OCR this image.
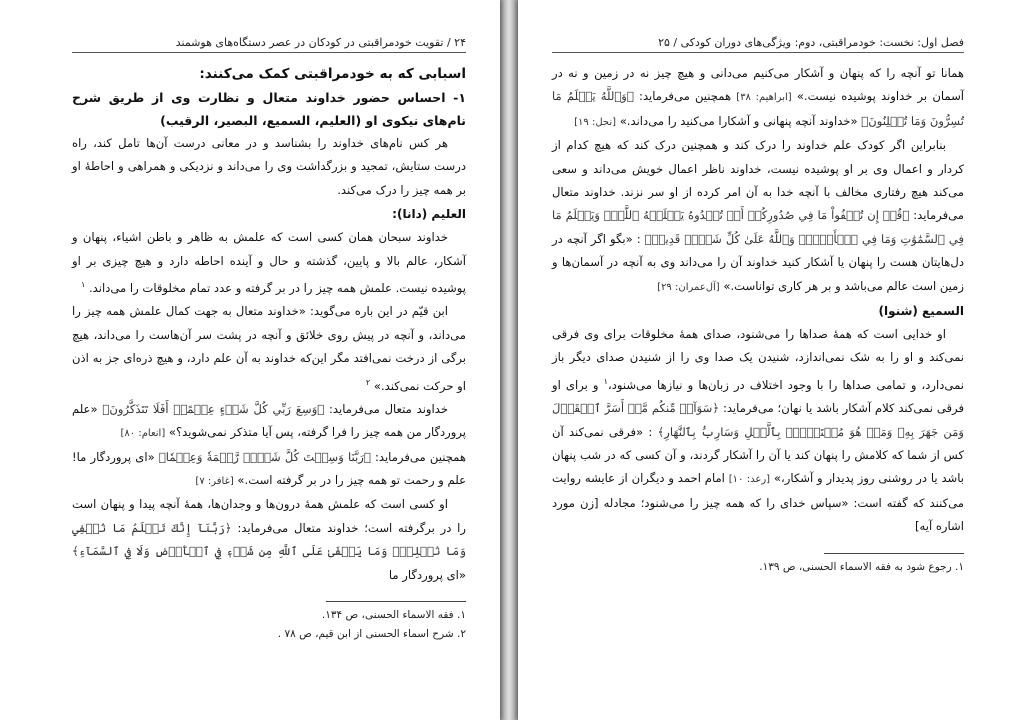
۲۴ / تقویت خودمراقبتی در کودکان در عصر دستگاه‌های هوشمند

اسبابی که به خودمراقبتی کمک می‌کنند:

۱- احساس حضور خداوند متعال و نظارت وی از طریق شرح نام‌های نیکوی او (العلیم، السمیع، البصیر، الرقیب)

هر کس نام‌های خداوند را بشناسد و در معانی درست آن‌ها تامل کند، راه درست ستایش، تمجید و بزرگداشت وی را می‌داند و نزدیکی و همراهی و احاطهٔ او بر همه چیز را درک می‌کند.

العلیم (دانا):

خداوند سبحان همان کسی است که علمش به ظاهر و باطن اشیاء، پنهان و آشکار، عالم بالا و پایین، گذشته و حال و آینده احاطه دارد و هیچ چیزی بر او پوشیده نیست. علمش همه چیز را در بر گرفته و عدد تمام مخلوقات را می‌داند. $^۱$

ابن قیّم در این باره می‌گوید: «خداوند متعال به جهت کمال علمش همه چیز را می‌داند، و آنچه در پیش روی خلائق و آنچه در پشت سر آن‌هاست را می‌داند، هیچ برگی از درخت نمی‌افتد مگر این‌که خداوند به آن علم دارد، و هیچ ذره‌ای جز به اذن او حرکت نمی‌کند.» $^۲$

خداوند متعال می‌فرماید: ﴿وَسِعَ رَبِّي كُلَّ شَيۡءٍ عِلۡمًاۚ أَفَلَا تَتَذَكَّرُونَ﴾ «علم پروردگار من همه چیز را فرا گرفته، پس آیا متذکر نمی‌شوید؟» [انعام: ۸۰]

همچنین می‌فرماید: ﴿رَبَّنَا وَسِعۡتَ كُلَّ شَيۡءٖ رَّحۡمَةٗ وَعِلۡمٗا﴾ «ای پروردگار ما! علم و رحمت تو همه چیز را در بر گرفته است.» [غافر: ۷]

او کسی است که علمش همهٔ درون‌ها و وجدان‌ها، همهٔ آنچه پیدا و پنهان است را در برگرفته است؛ خداوند متعال می‌فرماید: ﴿رَبَّنَآ إِنَّكَ تَعۡلَمُ مَا نُخۡفِي وَمَا نُعۡلِنُۗ وَمَا يَخۡفَىٰ عَلَى ٱللَّهِ مِن شَيۡءٖ فِي ٱلۡأَرۡضِ وَلَا فِي ٱلسَّمَآءِ﴾ «ای پروردگار ما

۱. فقه الاسماء الحسنی، ص ۱۳۴.

۲. شرح اسماء الحسنی از ابن قیم، ص ۷۸ .

فصل اول: نخست: خودمراقبتی، دوم: ویژگی‌های دوران کودکی / ۲۵

همانا تو آنچه را که پنهان و آشکار می‌کنیم می‌دانی و هیچ چیز نه در زمین و نه در آسمان بر خداوند پوشیده نیست.» [ابراهیم: ۳۸] همچنین می‌فرماید: ﴿وَٱللَّهُ يَعۡلَمُ مَا تُسِرُّونَ وَمَا تُعۡلِنُونَ﴾ «خداوند آنچه پنهانی و آشکارا می‌کنید را می‌داند.» [نحل: ۱۹]

بنابراین اگر کودک علم خداوند را درک کند و همچنین درک کند که هیچ کدام از کردار و اعمال وی بر او پوشیده نیست، خداوند ناظر اعمال خویش می‌داند و سعی می‌کند هیچ رفتاری مخالف با آنچه خدا به آن امر کرده از او سر نزند. خداوند متعال می‌فرماید: ﴿قُلۡ إِن تُخۡفُواْ مَا فِي صُدُورِكُمۡ أَوۡ تُبۡدُوهُ يَعۡلَمۡهُ ٱللَّهُۗ وَيَعۡلَمُ مَا فِي ٱلسَّمَٰوَٰتِ وَمَا فِي ٱلۡأَرۡضِۗ وَٱللَّهُ عَلَىٰ كُلِّ شَيۡءٖ قَدِيرٞ﴾ : «بگو اگر آنچه در دل‌هایتان هست را پنهان یا آشکار کنید خداوند آن را می‌داند وی به آنچه در آسمان‌ها و زمین است عالم می‌باشد و بر هر کاری تواناست.» [آل‌عمران: ۲۹]

السمیع (شنوا)

او خدایی است که همهٔ صداها را می‌شنود، صدای همهٔ مخلوقات برای وی فرقی نمی‌کند و او را به شک نمی‌اندازد، شنیدن یک صدا وی را از شنیدن صدای دیگر باز نمی‌دارد، و تمامی صداها را با وجود اختلاف در زبان‌ها و نیازها می‌شنود،$^۱$ و برای او فرقی نمی‌کند کلام آشکار باشد یا نهان؛ می‌فرماید: ﴿سَوَآءٞ مِّنكُم مَّنۡ أَسَرَّ ٱلۡقَوۡلَ وَمَن جَهَرَ بِهِۦ وَمَنۡ هُوَ مُسۡتَخۡفِۭ بِٱلَّيۡلِ وَسَارِبُۢ بِٱلنَّهَارِ﴾ : «فرقی نمی‌کند آن کس از شما که کلامش را پنهان کند یا آن را آشکار گردند، و آن کسی که در شب پنهان باشد یا در روشنی روز پدیدار و آشکار،» [رعد: ۱۰] امام احمد و دیگران از عایشه روایت می‌کنند که گفته است: «سپاس خدای را که همه چیز را می‌شنود؛ مجادله [زن مورد اشاره آیه]

۱. رجوع شود به فقه الاسماء الحسنی، ص ۱۳۹.
